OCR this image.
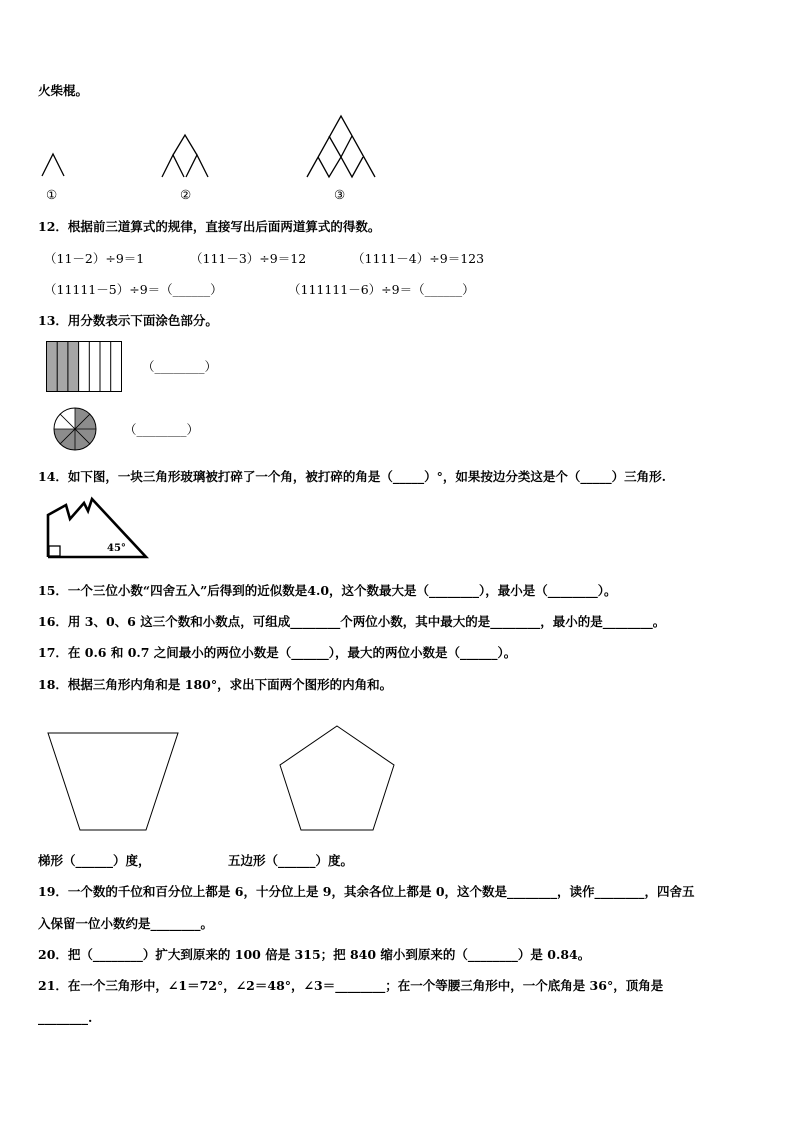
火柴棍。
①	②	③
12．根据前三道算式的规律，直接写出后面两道算式的得数。
（11－2）÷9＝1	（111－3）÷9＝12	（1111－4）÷9＝123
（11111－5）÷9＝（______）	（111111－6）÷9＝（______）
13．用分数表示下面涂色部分。
（________）
（________）
14．如下图，一块三角形玻璃被打碎了一个角，被打碎的角是（_____）°，如果按边分类这是个（_____）三角形.
45°
15．一个三位小数“四舍五入”后得到的近似数是4.0，这个数最大是（________），最小是（________）。
16．用 3、0、6 这三个数和小数点，可组成________个两位小数，其中最大的是________，最小的是________。
17．在 0.6 和 0.7 之间最小的两位小数是（______），最大的两位小数是（______）。
18．根据三角形内角和是 180°，求出下面两个图形的内角和。
梯形（______）度，	五边形（______）度。
19．一个数的千位和百分位上都是 6，十分位上是 9，其余各位上都是 0，这个数是________，读作________，四舍五
入保留一位小数约是________。
20．把（________）扩大到原来的 100 倍是 315；把 840 缩小到原来的（________）是 0.84。
21．在一个三角形中，∠1＝72°，∠2＝48°，∠3＝________；在一个等腰三角形中，一个底角是 36°，顶角是
________.
